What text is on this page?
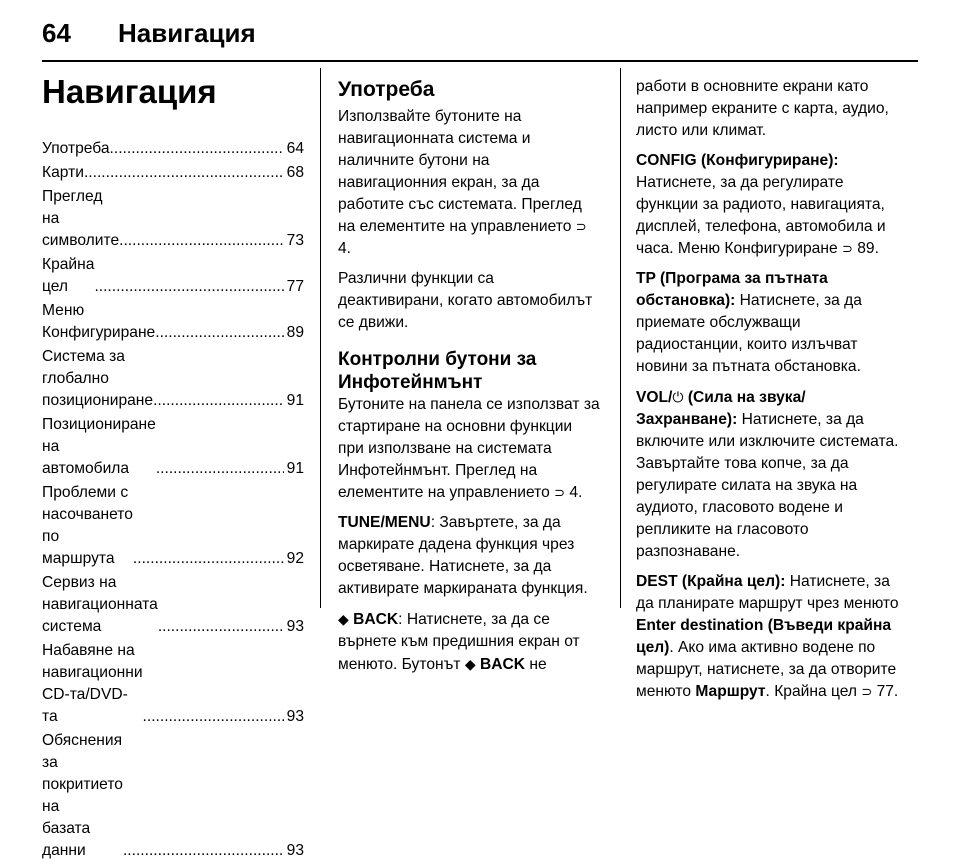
64 Навигация
Навигация
Употреба .....	64
Карти .....	68
Преглед на символите .....	73
Крайна цел .....	77
Меню Конфигуриране .....	89
Система за глобално
позициониране .....	91
Позициониране на
автомобила .....	91
Проблеми с насочването по
маршрута .....	92
Сервиз на навигационната
система .....	93
Набавяне на навигационни
CD-та/DVD-та .....	93
Обяснения за покритието на
базата данни .....	93
Употреба

Използвайте бутоните на навигационната система и наличните бутони на навигационния екран, за да работите със системата. Преглед на елементите на управлението ⊃ 4.

Различни функции са деактивирани, когато автомобилът се движи.

Контролни бутони за Инфотейнмънт

Бутоните на панела се използват за стартиране на основни функции при използване на системата Инфотейнмънт. Преглед на елементите на управлението ⊃ 4.

TUNE/MENU: Завъртете, за да маркирате дадена функция чрез осветяване. Натиснете, за да активирате маркираната функция.

◆ BACK: Натиснете, за да се върнете към предишния екран от менюто. Бутонът ◆ BACK не

работи в основните екрани като например екраните с карта, аудио, листо или климат.

CONFIG (Конфигуриране):
Натиснете, за да регулирате функции за радиото, навигацията, дисплей, телефона, автомобила и часа. Меню Конфигуриране ⊃ 89.

TP (Програма за пътната обстановка): Натиснете, за да приемате обслужващи радиостанции, които излъчват новини за пътната обстановка.

VOL/⏻ (Сила на звука/ Захранване): Натиснете, за да включите или изключите системата. Завъртайте това копче, за да регулирате силата на звука на аудиото, гласовото водене и репликите на гласовото разпознаване.

DEST (Крайна цел): Натиснете, за да планирате маршрут чрез менюто Enter destination (Въведи крайна цел). Ако има активно водене по маршрут, натиснете, за да отворите менюто Маршрут. Крайна цел ⊃ 77.
